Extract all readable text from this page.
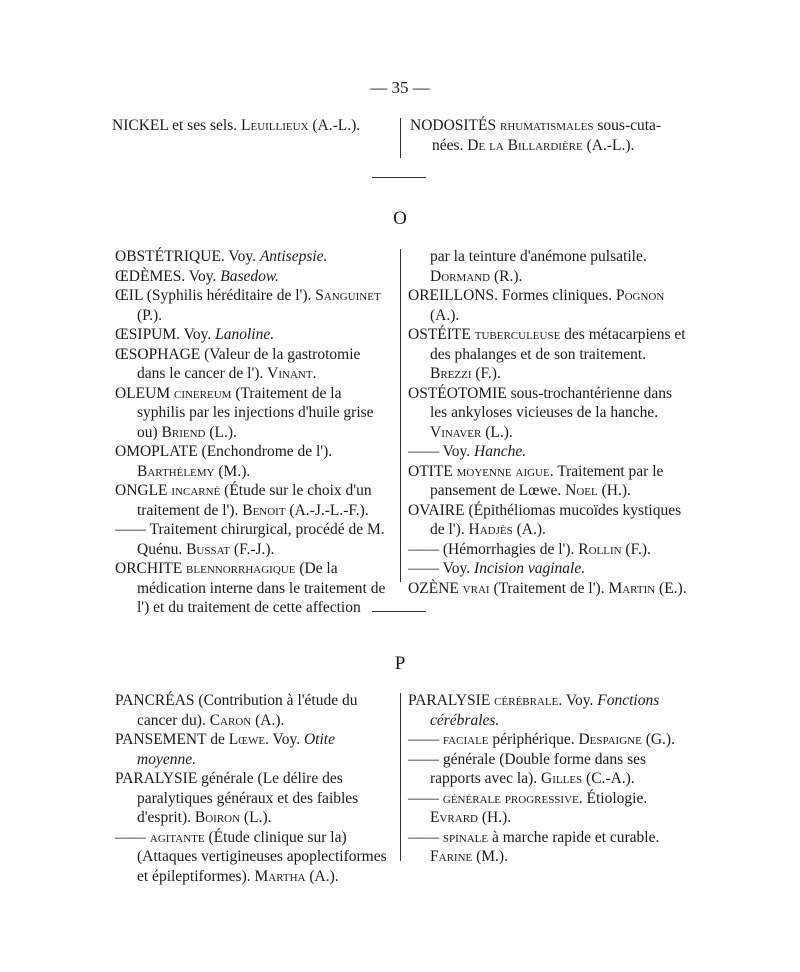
— 35 —

NICKEL et ses sels. Leuillieux (A.-L.).	NODOSITÉS rhumatismales sous-cuta-nées. De la Billardière (A.-L.).

O

OBSTÉTRIQUE. Voy. Antisepsie.

ŒDÈMES. Voy. Basedow.

ŒIL (Syphilis héréditaire de l'). Sanguinet (P.).

ŒSIPUM. Voy. Lanoline.

ŒSOPHAGE (Valeur de la gastrotomie dans le cancer de l'). Vinant.

OLEUM cinereum (Traitement de la syphilis par les injections d'huile grise ou) Briend (L.).

OMOPLATE (Enchondrome de l'). Barthélemy (M.).

ONGLE incarné (Étude sur le choix d'un traitement de l'). Benoit (A.-J.-L.-F.).

—— Traitement chirurgical, procédé de M. Quénu. Bussat (F.-J.).

ORCHITE blennorrhagique (De la médication interne dans le traitement de l') et du traitement de cette affection

par la teinture d'anémone pulsatile. Dormand (R.).

OREILLONS. Formes cliniques. Pognon (A.).

OSTÉITE tuberculeuse des métacarpiens et des phalanges et de son traitement. Brezzi (F.).

OSTÉOTOMIE sous-trochantérienne dans les ankyloses vicieuses de la hanche. Vinaver (L.).

—— Voy. Hanche.

OTITE moyenne aigue. Traitement par le pansement de Lœwe. Noel (H.).

OVAIRE (Épithéliomas mucoïdes kystiques de l'). Hadjès (A.).

—— (Hémorrhagies de l'). Rollin (F.).

—— Voy. Incision vaginale.

OZÈNE vrai (Traitement de l'). Martin (E.).

P

PANCRÉAS (Contribution à l'étude du cancer du). Caron (A.).

PANSEMENT de Lœwe. Voy. Otite moyenne.

PARALYSIE générale (Le délire des paralytiques généraux et des faibles d'esprit). Boiron (L.).

—— agitante (Étude clinique sur la) (Attaques vertigineuses apoplectiformes et épileptiformes). Martha (A.).

PARALYSIE cérébrale. Voy. Fonctions cérébrales.

—— faciale périphérique. Despaigne (G.).

—— générale (Double forme dans ses rapports avec la). Gilles (C.-A.).

—— générale progressive. Étiologie. Evrard (H.).

—— spinale à marche rapide et curable. Farine (M.).
